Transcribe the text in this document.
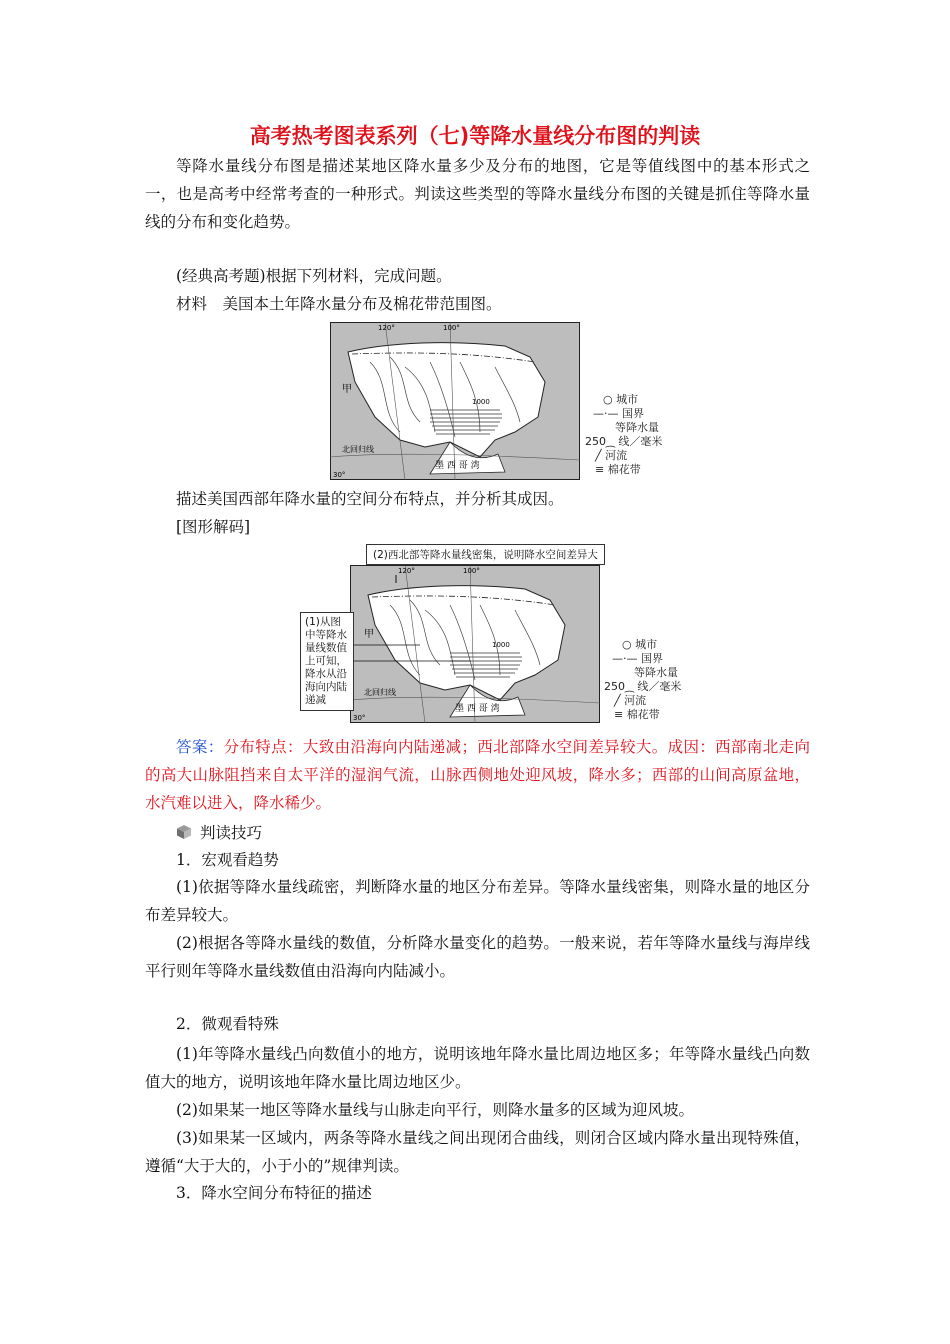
高考热考图表系列（七)等降水量线分布图的判读
等降水量线分布图是描述某地区降水量多少及分布的地图，它是等值线图中的基本形式之一，也是高考中经常考查的一种形式。判读这些类型的等降水量线分布图的关键是抓住等降水量线的分布和变化趋势。
(经典高考题)根据下列材料，完成问题。
材料　美国本土年降水量分布及棉花带范围图。
120°	100°
30°
1000
甲
墨 西 哥 湾
北回归线
○ 城市
—·— 国界
等降水量
250⁔ 线／毫米
╱ 河流
≡ 棉花带
描述美国西部年降水量的空间分布特点，并分析其成因。
[图形解码]
120°	100°
30°
1000
甲
墨 西 哥 湾
北回归线
(2)西北部等降水量线密集，说明降水空间差异大
(1)从图中等降水量线数值上可知，降水从沿海向内陆递减
○ 城市
—·— 国界
等降水量
250⁔ 线／毫米
╱ 河流
≡ 棉花带
答案：分布特点：大致由沿海向内陆递减；西北部降水空间差异较大。成因：西部南北走向的高大山脉阻挡来自太平洋的湿润气流，山脉西侧地处迎风坡，降水多；西部的山间高原盆地，水汽难以进入，降水稀少。
判读技巧
1．宏观看趋势
(1)依据等降水量线疏密，判断降水量的地区分布差异。等降水量线密集，则降水量的地区分布差异较大。
(2)根据各等降水量线的数值，分析降水量变化的趋势。一般来说，若年等降水量线与海岸线平行则年等降水量线数值由沿海向内陆减小。
2．微观看特殊
(1)年等降水量线凸向数值小的地方，说明该地年降水量比周边地区多；年等降水量线凸向数值大的地方，说明该地年降水量比周边地区少。
(2)如果某一地区等降水量线与山脉走向平行，则降水量多的区域为迎风坡。
(3)如果某一区域内，两条等降水量线之间出现闭合曲线，则闭合区域内降水量出现特殊值，遵循“大于大的，小于小的”规律判读。
3．降水空间分布特征的描述
